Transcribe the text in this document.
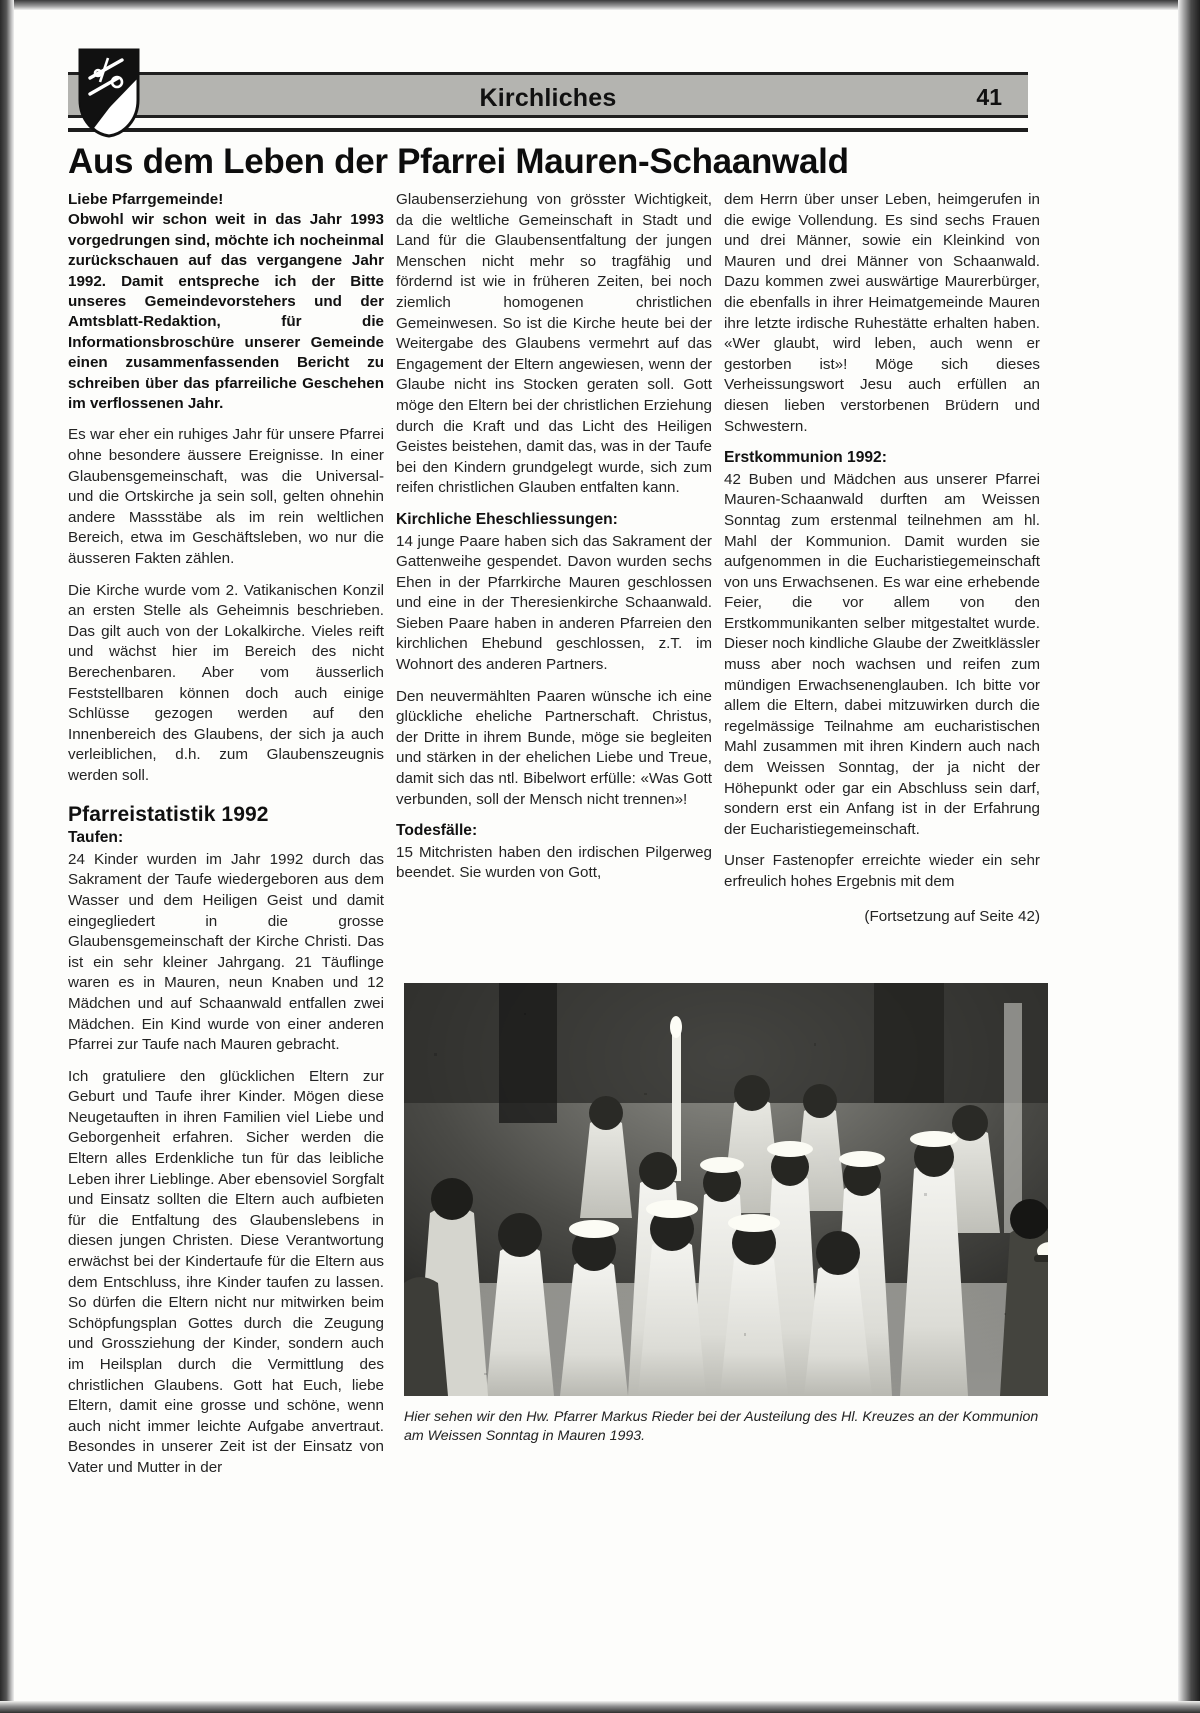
Kirchliches	41
Aus dem Leben der Pfarrei Mauren-Schaanwald

Liebe Pfarrgemeinde!

Obwohl wir schon weit in das Jahr 1993 vorgedrungen sind, möchte ich nocheinmal zurückschauen auf das vergangene Jahr 1992. Damit entspreche ich der Bitte unseres Gemeindevorstehers und der Amtsblatt-Redaktion, für die Informationsbroschüre unserer Gemeinde einen zusammenfassenden Bericht zu schreiben über das pfarreiliche Geschehen im verflossenen Jahr.

Es war eher ein ruhiges Jahr für unsere Pfarrei ohne besondere äussere Ereignisse. In einer Glaubensgemeinschaft, was die Universal- und die Ortskirche ja sein soll, gelten ohnehin andere Massstäbe als im rein weltlichen Bereich, etwa im Geschäftsleben, wo nur die äusseren Fakten zählen.

Die Kirche wurde vom 2. Vatikanischen Konzil an ersten Stelle als Geheimnis beschrieben. Das gilt auch von der Lokalkirche. Vieles reift und wächst hier im Bereich des nicht Berechenbaren. Aber vom äusserlich Feststellbaren können doch auch einige Schlüsse gezogen werden auf den Innenbereich des Glaubens, der sich ja auch verleiblichen, d.h. zum Glaubenszeugnis werden soll.

Pfarreistatistik 1992
Taufen:

24 Kinder wurden im Jahr 1992 durch das Sakrament der Taufe wiedergeboren aus dem Wasser und dem Heiligen Geist und damit eingegliedert in die grosse Glaubensgemeinschaft der Kirche Christi. Das ist ein sehr kleiner Jahrgang. 21 Täuflinge waren es in Mauren, neun Knaben und 12 Mädchen und auf Schaanwald entfallen zwei Mädchen. Ein Kind wurde von einer anderen Pfarrei zur Taufe nach Mauren gebracht.

Ich gratuliere den glücklichen Eltern zur Geburt und Taufe ihrer Kinder. Mögen diese Neugetauften in ihren Familien viel Liebe und Geborgenheit erfahren. Sicher werden die Eltern alles Erdenkliche tun für das leibliche Leben ihrer Lieblinge. Aber ebensoviel Sorgfalt und Einsatz sollten die Eltern auch aufbieten für die Entfaltung des Glaubenslebens in diesen jungen Christen. Diese Verantwortung erwächst bei der Kindertaufe für die Eltern aus dem Entschluss, ihre Kinder taufen zu lassen. So dürfen die Eltern nicht nur mitwirken beim Schöpfungsplan Gottes durch die Zeugung und Grossziehung der Kinder, sondern auch im Heilsplan durch die Vermittlung des christlichen Glaubens. Gott hat Euch, liebe Eltern, damit eine grosse und schöne, wenn auch nicht immer leichte Aufgabe anvertraut. Besondes in unserer Zeit ist der Einsatz von Vater und Mutter in der

Glaubenserziehung von grösster Wichtigkeit, da die weltliche Gemeinschaft in Stadt und Land für die Glaubensentfaltung der jungen Menschen nicht mehr so tragfähig und fördernd ist wie in früheren Zeiten, bei noch ziemlich homogenen christlichen Gemeinwesen. So ist die Kirche heute bei der Weitergabe des Glaubens vermehrt auf das Engagement der Eltern angewiesen, wenn der Glaube nicht ins Stocken geraten soll. Gott möge den Eltern bei der christlichen Erziehung durch die Kraft und das Licht des Heiligen Geistes beistehen, damit das, was in der Taufe bei den Kindern grundgelegt wurde, sich zum reifen christlichen Glauben entfalten kann.

Kirchliche Eheschliessungen:

14 junge Paare haben sich das Sakrament der Gattenweihe gespendet. Davon wurden sechs Ehen in der Pfarrkirche Mauren geschlossen und eine in der Theresienkirche Schaanwald. Sieben Paare haben in anderen Pfarreien den kirchlichen Ehebund geschlossen, z.T. im Wohnort des anderen Partners.

Den neuvermählten Paaren wünsche ich eine glückliche eheliche Partnerschaft. Christus, der Dritte in ihrem Bunde, möge sie begleiten und stärken in der ehelichen Liebe und Treue, damit sich das ntl. Bibelwort erfülle: «Was Gott verbunden, soll der Mensch nicht trennen»!

Todesfälle:

15 Mitchristen haben den irdischen Pilgerweg beendet. Sie wurden von Gott,

dem Herrn über unser Leben, heimgerufen in die ewige Vollendung. Es sind sechs Frauen und drei Männer, sowie ein Kleinkind von Mauren und drei Männer von Schaanwald. Dazu kommen zwei auswärtige Maurerbürger, die ebenfalls in ihrer Heimatgemeinde Mauren ihre letzte irdische Ruhestätte erhalten haben. «Wer glaubt, wird leben, auch wenn er gestorben ist»! Möge sich dieses Verheissungswort Jesu auch erfüllen an diesen lieben verstorbenen Brüdern und Schwestern.

Erstkommunion 1992:

42 Buben und Mädchen aus unserer Pfarrei Mauren-Schaanwald durften am Weissen Sonntag zum erstenmal teilnehmen am hl. Mahl der Kommunion. Damit wurden sie aufgenommen in die Eucharistiegemeinschaft von uns Erwachsenen. Es war eine erhebende Feier, die vor allem von den Erstkommunikanten selber mitgestaltet wurde. Dieser noch kindliche Glaube der Zweitklässler muss aber noch wachsen und reifen zum mündigen Erwachsenenglauben. Ich bitte vor allem die Eltern, dabei mitzuwirken durch die regelmässige Teilnahme am eucharistischen Mahl zusammen mit ihren Kindern auch nach dem Weissen Sonntag, der ja nicht der Höhepunkt oder gar ein Abschluss sein darf, sondern erst ein Anfang ist in der Erfahrung der Eucharistiegemeinschaft.

Unser Fastenopfer erreichte wieder ein sehr erfreulich hohes Ergebnis mit dem

(Fortsetzung auf Seite 42)
Hier sehen wir den Hw. Pfarrer Markus Rieder bei der Austeilung des Hl. Kreuzes an der Kommunion am Weissen Sonntag in Mauren 1993.
